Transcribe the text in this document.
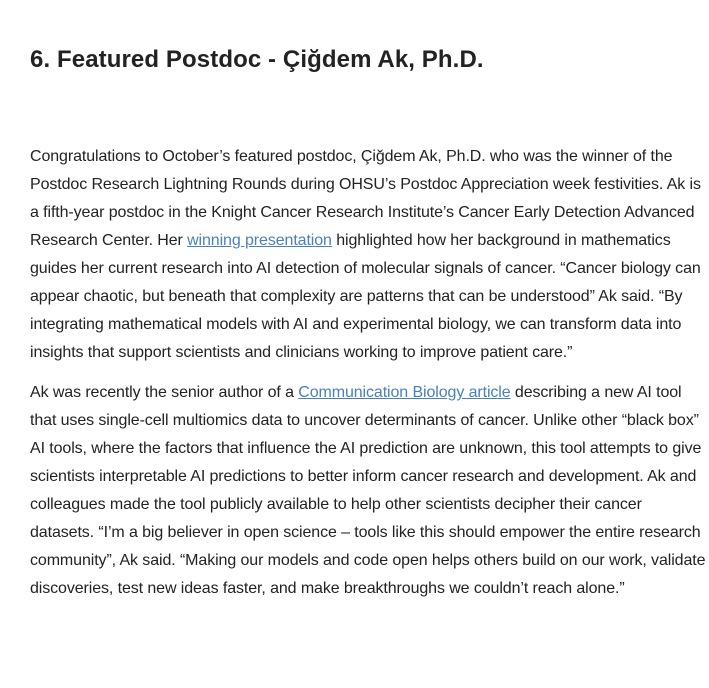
6. Featured Postdoc - Çiğdem Ak, Ph.D.

Congratulations to October’s featured postdoc, Çiğdem Ak, Ph.D. who was the winner of the Postdoc Research Lightning Rounds during OHSU’s Postdoc Appreciation week festivities. Ak is a fifth-year postdoc in the Knight Cancer Research Institute’s Cancer Early Detection Advanced Research Center. Her winning presentation highlighted how her background in mathematics guides her current research into AI detection of molecular signals of cancer. “Cancer biology can appear chaotic, but beneath that complexity are patterns that can be understood” Ak said. “By integrating mathematical models with AI and experimental biology, we can transform data into insights that support scientists and clinicians working to improve patient care.”

Ak was recently the senior author of a Communication Biology article describing a new AI tool that uses single-cell multiomics data to uncover determinants of cancer. Unlike other “black box” AI tools, where the factors that influence the AI prediction are unknown, this tool attempts to give scientists interpretable AI predictions to better inform cancer research and development. Ak and colleagues made the tool publicly available to help other scientists decipher their cancer datasets. “I’m a big believer in open science – tools like this should empower the entire research community”, Ak said. “Making our models and code open helps others build on our work, validate discoveries, test new ideas faster, and make breakthroughs we couldn’t reach alone.”
